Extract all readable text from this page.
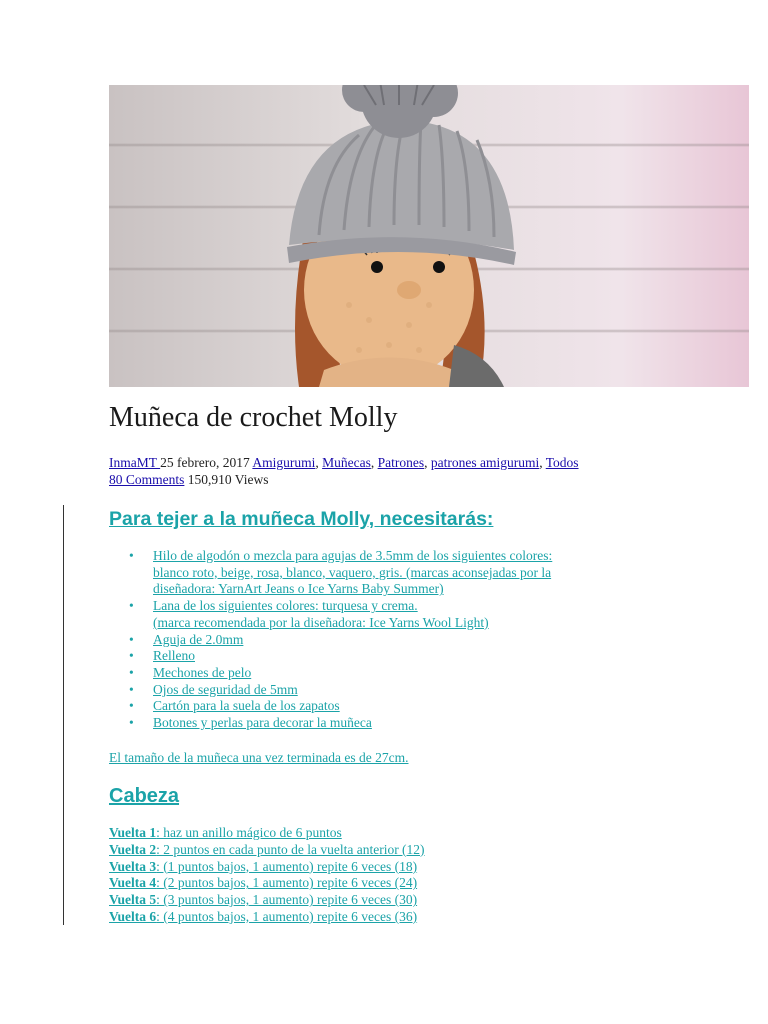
Muñeca de crochet Molly
InmaMT 25 febrero, 2017 Amigurumi, Muñecas, Patrones, patrones amigurumi, Todos
80 Comments 150,910 Views
Para tejer a la muñeca Molly, necesitarás:
•
Hilo de algodón o mezcla para agujas de 3.5mm de los siguientes colores:
blanco roto, beige, rosa, blanco, vaquero, gris. (marcas aconsejadas por la
diseñadora: YarnArt Jeans o Ice Yarns Baby Summer)
•
Lana de los siguientes colores: turquesa y crema.
(marca recomendada por la diseñadora: Ice Yarns Wool Light)
•
Aguja de 2.0mm
•
Relleno
•
Mechones de pelo
•
Ojos de seguridad de 5mm
•
Cartón para la suela de los zapatos
•
Botones y perlas para decorar la muñeca
El tamaño de la muñeca una vez terminada es de 27cm.
Cabeza
Vuelta 1: haz un anillo mágico de 6 puntos
Vuelta 2: 2 puntos en cada punto de la vuelta anterior (12)
Vuelta 3: (1 puntos bajos, 1 aumento) repite 6 veces (18)
Vuelta 4: (2 puntos bajos, 1 aumento) repite 6 veces (24)
Vuelta 5: (3 puntos bajos, 1 aumento) repite 6 veces (30)
Vuelta 6: (4 puntos bajos, 1 aumento) repite 6 veces (36)
